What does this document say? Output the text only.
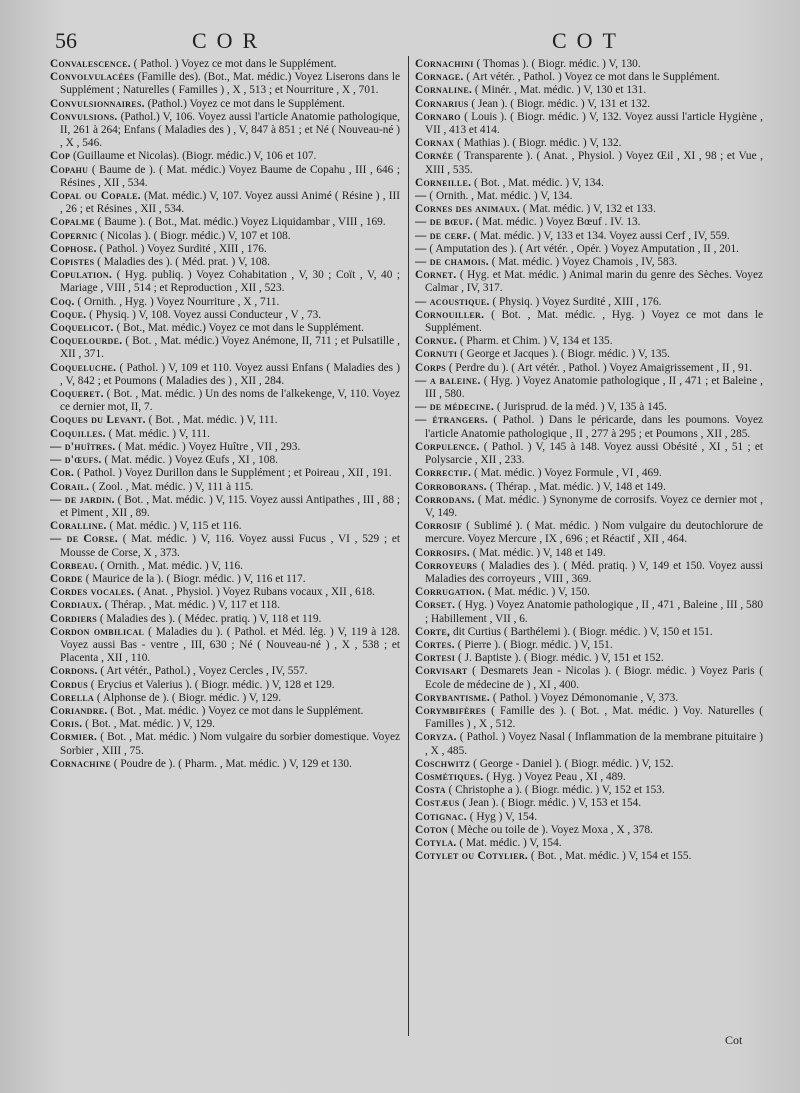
56	COR	COT
Convalescence. ( Pathol. ) Voyez ce mot dans le Supplément.
Convolvulacées (Famille des). (Bot., Mat. médic.) Voyez Liserons dans le Supplément ; Naturelles ( Familles ) , X , 513 ; et Nourriture , X , 701.
Convulsionnaires. (Pathol.) Voyez ce mot dans le Supplément.
Convulsions. (Pathol.) V, 106. Voyez aussi l'article Anatomie pathologique, II, 261 à 264; Enfans ( Maladies des ) , V, 847 à 851 ; et Né ( Nouveau-né ) , X , 546.
Cop (Guillaume et Nicolas). (Biogr. médic.) V, 106 et 107.
Copahu ( Baume de ). ( Mat. médic.) Voyez Baume de Copahu , III , 646 ; Résines , XII , 534.
Copal ou Copale. (Mat. médic.) V, 107. Voyez aussi Animé ( Résine ) , III , 26 ; et Résines , XII , 534.
Copalme ( Baume ). ( Bot., Mat. médic.) Voyez Liquidambar , VIII , 169.
Copernic ( Nicolas ). ( Biogr. médic.) V, 107 et 108.
Cophose. ( Pathol. ) Voyez Surdité , XIII , 176.
Copistes ( Maladies des ). ( Méd. prat. ) V, 108.
Copulation. ( Hyg. publiq. ) Voyez Cohabitation , V, 30 ; Coït , V, 40 ; Mariage , VIII , 514 ; et Reproduction , XII , 523.
Coq. ( Ornith. , Hyg. ) Voyez Nourriture , X , 711.
Coque. ( Physiq. ) V, 108. Voyez aussi Conducteur , V , 73.
Coquelicot. ( Bot., Mat. médic.) Voyez ce mot dans le Supplément.
Coquelourde. ( Bot. , Mat. médic.) Voyez Anémone, II, 711 ; et Pulsatille , XII , 371.
Coqueluche. ( Pathol. ) V, 109 et 110. Voyez aussi Enfans ( Maladies des ) , V, 842 ; et Poumons ( Maladies des ) , XII , 284.
Coqueret. ( Bot. , Mat. médic. ) Un des noms de l'alkekenge, V, 110. Voyez ce dernier mot, II, 7.
Coques du Levant. ( Bot. , Mat. médic. ) V, 111.
Coquilles. ( Mat. médic. ) V, 111.
— d'huîtres. ( Mat. médic. ) Voyez Huître , VII , 293.
— d'œufs. ( Mat. médic. ) Voyez Œufs , XI , 108.
Cor. ( Pathol. ) Voyez Durillon dans le Supplément ; et Poireau , XII , 191.
Corail. ( Zool. , Mat. médic. ) V, 111 à 115.
— de jardin. ( Bot. , Mat. médic. ) V, 115. Voyez aussi Antipathes , III , 88 ; et Piment , XII , 89.
Coralline. ( Mat. médic. ) V, 115 et 116.
— de Corse. ( Mat. médic. ) V, 116. Voyez aussi Fucus , VI , 529 ; et Mousse de Corse, X , 373.
Corbeau. ( Ornith. , Mat. médic. ) V, 116.
Corde ( Maurice de la ). ( Biogr. médic. ) V, 116 et 117.
Cordes vocales. ( Anat. , Physiol. ) Voyez Rubans vocaux , XII , 618.
Cordiaux. ( Thérap. , Mat. médic. ) V, 117 et 118.
Cordiers ( Maladies des ). ( Médec. pratiq. ) V, 118 et 119.
Cordon ombilical ( Maladies du ). ( Pathol. et Méd. lég. ) V, 119 à 128. Voyez aussi Bas - ventre , III, 630 ; Né ( Nouveau-né ) , X , 538 ; et Placenta , XII , 110.
Cordons. ( Art vétér., Pathol.) , Voyez Cercles , IV, 557.
Cordus ( Erycius et Valerius ). ( Biogr. médic. ) V, 128 et 129.
Corella ( Alphonse de ). ( Biogr. médic. ) V, 129.
Coriandre. ( Bot. , Mat. médic. ) Voyez ce mot dans le Supplément.
Coris. ( Bot. , Mat. médic. ) V, 129.
Cormier. ( Bot. , Mat. médic. ) Nom vulgaire du sorbier domestique. Voyez Sorbier , XIII , 75.
Cornachine ( Poudre de ). ( Pharm. , Mat. médic. ) V, 129 et 130.
Cornachini ( Thomas ). ( Biogr. médic. ) V, 130.
Cornage. ( Art vétér. , Pathol. ) Voyez ce mot dans le Supplément.
Cornaline. ( Minér. , Mat. médic. ) V, 130 et 131.
Cornarius ( Jean ). ( Biogr. médic. ) V, 131 et 132.
Cornaro ( Louis ). ( Biogr. médic. ) V, 132. Voyez aussi l'article Hygiène , VII , 413 et 414.
Cornax ( Mathias ). ( Biogr. médic. ) V, 132.
Cornée ( Transparente ). ( Anat. , Physiol. ) Voyez Œil , XI , 98 ; et Vue , XIII , 535.
Corneille. ( Bot. , Mat. médic. ) V, 134.
— ( Ornith. , Mat. médic. ) V, 134.
Cornes des animaux. ( Mat. médic. ) V, 132 et 133.
— de bœuf. ( Mat. médic. ) Voyez Bœuf . IV. 13.
— de cerf. ( Mat. médic. ) V, 133 et 134. Voyez aussi Cerf , IV, 559.
— ( Amputation des ). ( Art vétér. , Opér. ) Voyez Amputation , II , 201.
— de chamois. ( Mat. médic. ) Voyez Chamois , IV, 583.
Cornet. ( Hyg. et Mat. médic. ) Animal marin du genre des Sèches. Voyez Calmar , IV, 317.
— acoustique. ( Physiq. ) Voyez Surdité , XIII , 176.
Cornouiller. ( Bot. , Mat. médic. , Hyg. ) Voyez ce mot dans le Supplément.
Cornue. ( Pharm. et Chim. ) V, 134 et 135.
Cornuti ( George et Jacques ). ( Biogr. médic. ) V, 135.
Corps ( Perdre du ). ( Art vétér. , Pathol. ) Voyez Amaigrissement , II , 91.
— a baleine. ( Hyg. ) Voyez Anatomie pathologique , II , 471 ; et Baleine , III , 580.
— de médecine. ( Jurisprud. de la méd. ) V, 135 à 145.
— étrangers. ( Pathol. ) Dans le péricarde, dans les poumons. Voyez l'article Anatomie pathologique , II , 277 à 295 ; et Poumons , XII , 285.
Corpulence. ( Pathol. ) V, 145 à 148. Voyez aussi Obésité , XI , 51 ; et Polysarcie , XII , 233.
Correctif. ( Mat. médic. ) Voyez Formule , VI , 469.
Corroborans. ( Thérap. , Mat. médic. ) V, 148 et 149.
Corrodans. ( Mat. médic. ) Synonyme de corrosifs. Voyez ce dernier mot , V, 149.
Corrosif ( Sublimé ). ( Mat. médic. ) Nom vulgaire du deutochlorure de mercure. Voyez Mercure , IX , 696 ; et Réactif , XII , 464.
Corrosifs. ( Mat. médic. ) V, 148 et 149.
Corroyeurs ( Maladies des ). ( Méd. pratiq. ) V, 149 et 150. Voyez aussi Maladies des corroyeurs , VIII , 369.
Corrugation. ( Mat. médic. ) V, 150.
Corset. ( Hyg. ) Voyez Anatomie pathologique , II , 471 , Baleine , III , 580 ; Habillement , VII , 6.
Corte, dit Curtius ( Barthélemi ). ( Biogr. médic. ) V, 150 et 151.
Cortes. ( Pierre ). ( Biogr. médic. ) V, 151.
Cortesi ( J. Baptiste ). ( Biogr. médic. ) V, 151 et 152.
Corvisart ( Desmarets Jean - Nicolas ). ( Biogr. médic. ) Voyez Paris ( Ecole de médecine de ) , XI , 400.
Corybantisme. ( Pathol. ) Voyez Démonomanie , V, 373.
Corymbifères ( Famille des ). ( Bot. , Mat. médic. ) Voy. Naturelles ( Familles ) , X , 512.
Coryza. ( Pathol. ) Voyez Nasal ( Inflammation de la membrane pituitaire ) , X , 485.
Coschwitz ( George - Daniel ). ( Biogr. médic. ) V, 152.
Cosmétiques. ( Hyg. ) Voyez Peau , XI , 489.
Costa ( Christophe a ). ( Biogr. médic. ) V, 152 et 153.
Costæus ( Jean ). ( Biogr. médic. ) V, 153 et 154.
Cotignac. ( Hyg ) V, 154.
Coton ( Mèche ou toile de ). Voyez Moxa , X , 378.
Cotyla. ( Mat. médic. ) V, 154.
Cotylet ou Cotylier. ( Bot. , Mat. médic. ) V, 154 et 155.
Cot
